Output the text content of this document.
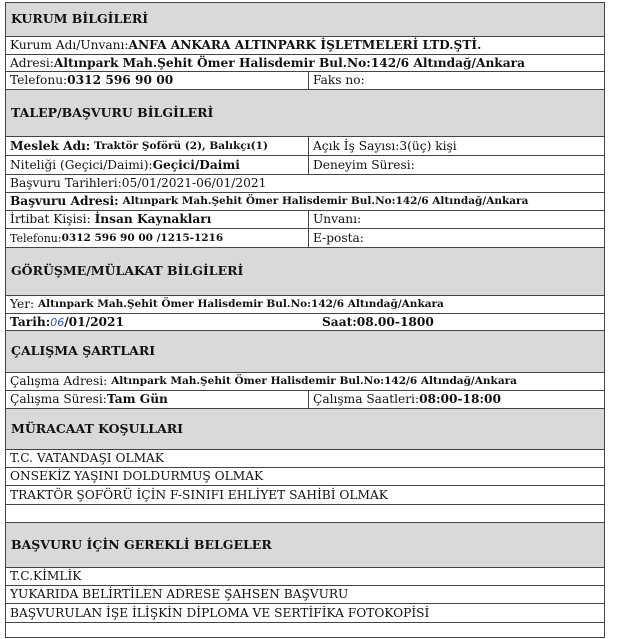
KURUM BİLGİLERİ
Kurum Adı/Unvanı: ANFA ANKARA ALTINPARK İŞLETMELERİ LTD.ŞTİ.
Adresi: Altınpark Mah.Şehit Ömer Halisdemir Bul.No:142/6 Altındağ/Ankara
Telefonu: 0312 596 90 00	Faks no:
TALEP/BAŞVURU BİLGİLERİ
Meslek Adı:
Traktör Şoförü (2), Balıkçı(1)	Açık İş Sayısı:3(üç) kişi
Niteliği (Geçici/Daimi): Geçici/Daimi	Deneyim Süresi:
Başvuru Tarihleri:05/01/2021-06/01/2021
Başvuru Adresi:
Altınpark Mah.Şehit Ömer Halisdemir Bul.No:142/6 Altındağ/Ankara
İrtibat Kişisi:
İnsan Kaynakları	Unvanı:
Telefonu: 0312 596 90 00 /1215-1216	E-posta:
GÖRÜŞME/MÜLAKAT BİLGİLERİ
Yer:
Altınpark Mah.Şehit Ömer Halisdemir Bul.No:142/6 Altındağ/Ankara
Tarih: 06 /01/2021	Saat:08.00-1800
ÇALIŞMA ŞARTLARI
Çalışma Adresi:
Altınpark Mah.Şehit Ömer Halisdemir Bul.No:142/6 Altındağ/Ankara
Çalışma Süresi: Tam Gün	Çalışma Saatleri: 08:00-18:00
MÜRACAAT KOŞULLARI
T.C. VATANDAŞI OLMAK
ONSEKİZ YAŞINI DOLDURMUŞ OLMAK
TRAKTÖR ŞOFÖRÜ İÇİN F-SINIFI EHLİYET SAHİBİ OLMAK
BAŞVURU İÇİN GEREKLİ BELGELER
T.C.KİMLİK
YUKARIDA BELİRTİLEN ADRESE ŞAHSEN BAŞVURU
BAŞVURULAN İŞE İLİŞKİN DİPLOMA VE SERTİFİKA FOTOKOPİSİ
